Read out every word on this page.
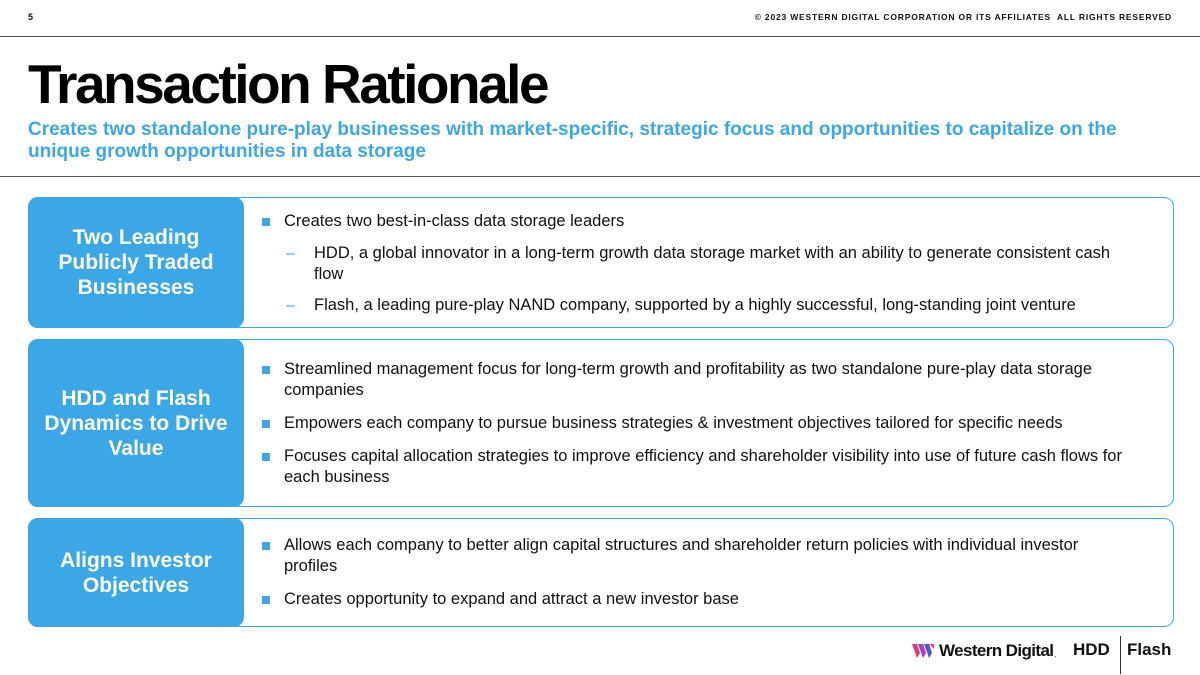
5	© 2023 WESTERN DIGITAL CORPORATION OR ITS AFFILIATES  ALL RIGHTS RESERVED
Transaction Rationale
Creates two standalone pure-play businesses with market-specific, strategic focus and opportunities to capitalize on the unique growth opportunities in data storage
Two Leading Publicly Traded Businesses
Creates two best-in-class data storage leaders
– HDD, a global innovator in a long-term growth data storage market with an ability to generate consistent cash flow
– Flash, a leading pure-play NAND company, supported by a highly successful, long-standing joint venture
HDD and Flash Dynamics to Drive Value
Streamlined management focus for long-term growth and profitability as two standalone pure-play data storage companies
Empowers each company to pursue business strategies & investment objectives tailored for specific needs
Focuses capital allocation strategies to improve efficiency and shareholder visibility into use of future cash flows for each business
Aligns Investor Objectives
Allows each company to better align capital structures and shareholder return policies with individual investor profiles
Creates opportunity to expand and attract a new investor base
Western Digital . HDD Flash
